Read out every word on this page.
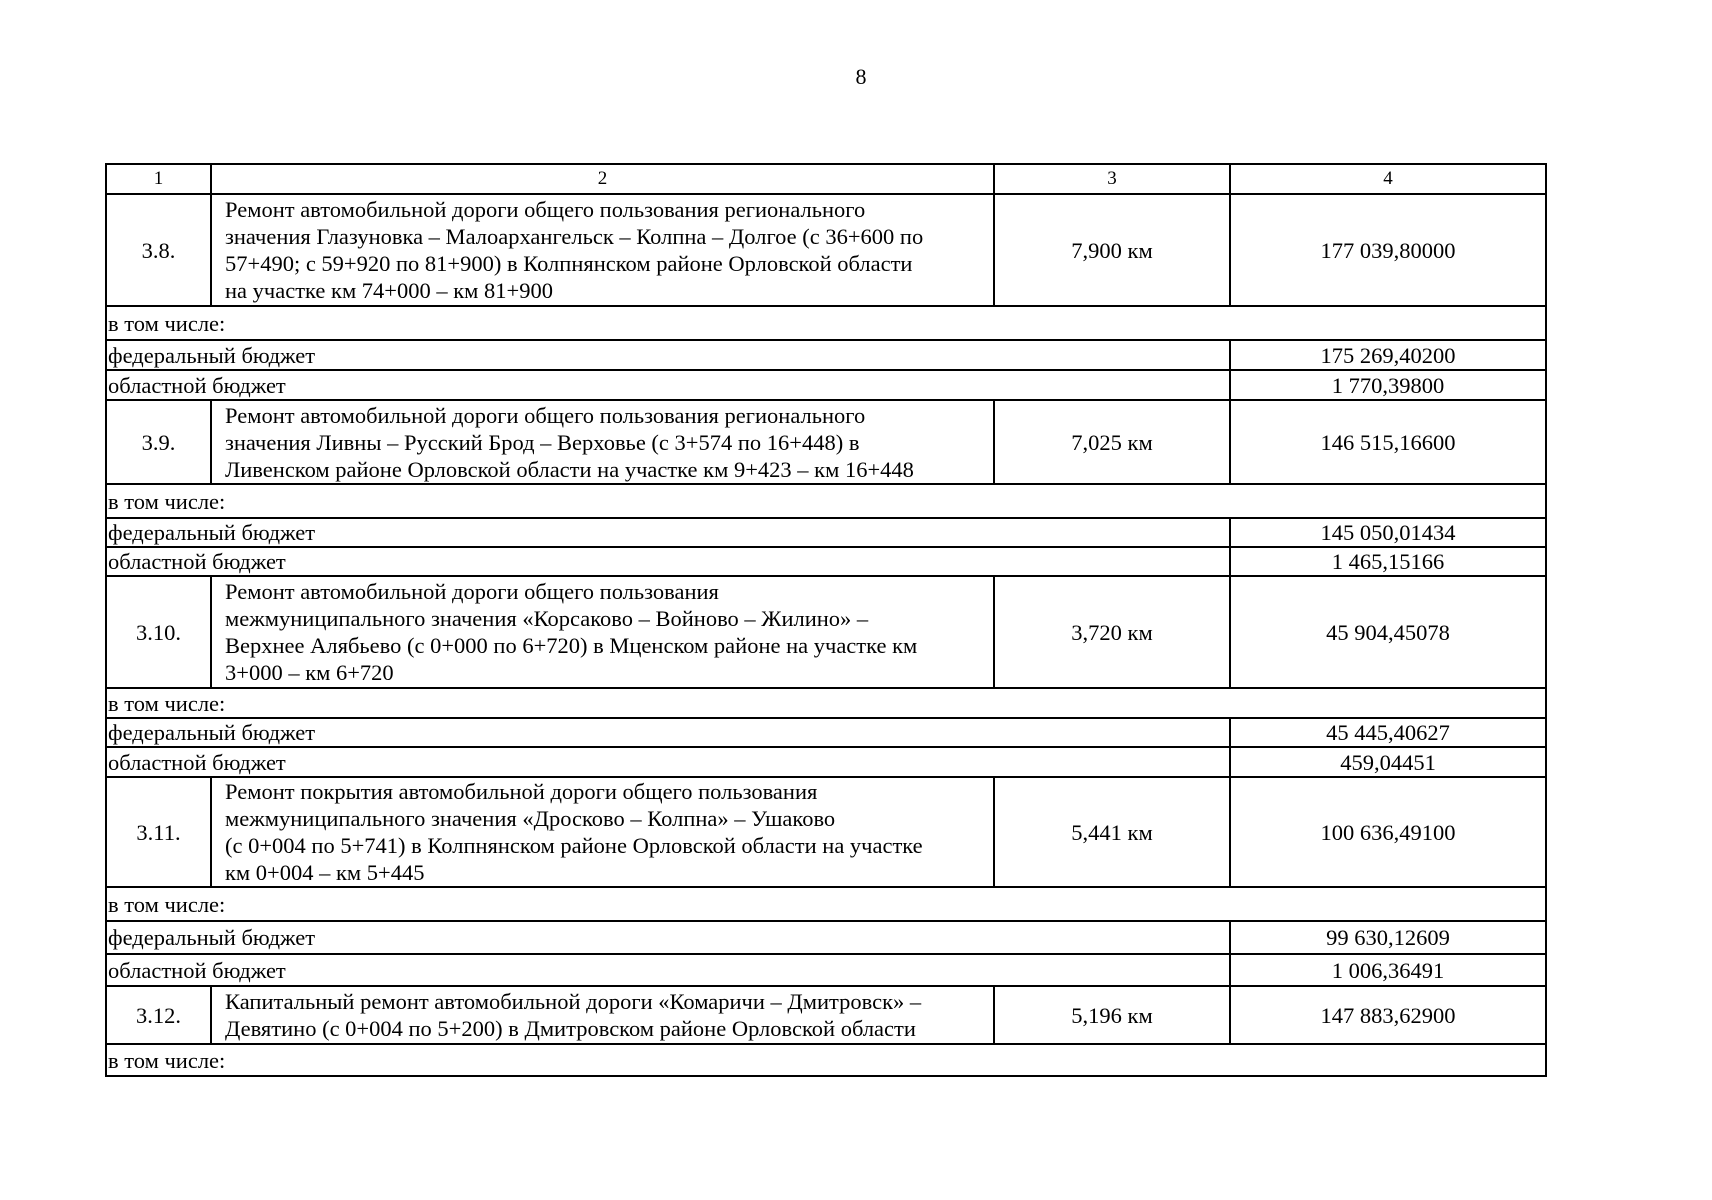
8
1	2	3	4
3.8.	Ремонт автомобильной дороги общего пользования регионального
значения Глазуновка – Малоархангельск – Колпна – Долгое (с 36+600 по
57+490; с 59+920 по 81+900) в Колпнянском районе Орловской области
на участке км 74+000 – км 81+900	7,900 км	177 039,80000
в том числе:			
федеральный бюджет			175 269,40200
областной бюджет			1 770,39800
3.9.	Ремонт автомобильной дороги общего пользования регионального
значения Ливны – Русский Брод – Верховье (с 3+574 по 16+448) в
Ливенском районе Орловской области на участке км 9+423 – км 16+448	7,025 км	146 515,16600
в том числе:			
федеральный бюджет			145 050,01434
областной бюджет			1 465,15166
3.10.	Ремонт автомобильной дороги общего пользования
межмуниципального значения «Корсаково – Войново – Жилино» –
Верхнее Алябьево (с 0+000 по 6+720) в Мценском районе на участке км
3+000 – км 6+720	3,720 км	45 904,45078
в том числе:			
федеральный бюджет			45 445,40627
областной бюджет			459,04451
3.11.	Ремонт покрытия автомобильной дороги общего пользования
межмуниципального значения «Дросково – Колпна» – Ушаково
(с 0+004 по 5+741) в Колпнянском районе Орловской области на участке
км 0+004 – км 5+445	5,441 км	100 636,49100
в том числе:			
федеральный бюджет			99 630,12609
областной бюджет			1 006,36491
3.12.	Капитальный ремонт автомобильной дороги «Комаричи – Дмитровск» –
Девятино (с 0+004 по 5+200) в Дмитровском районе Орловской области	5,196 км	147 883,62900
в том числе:			
